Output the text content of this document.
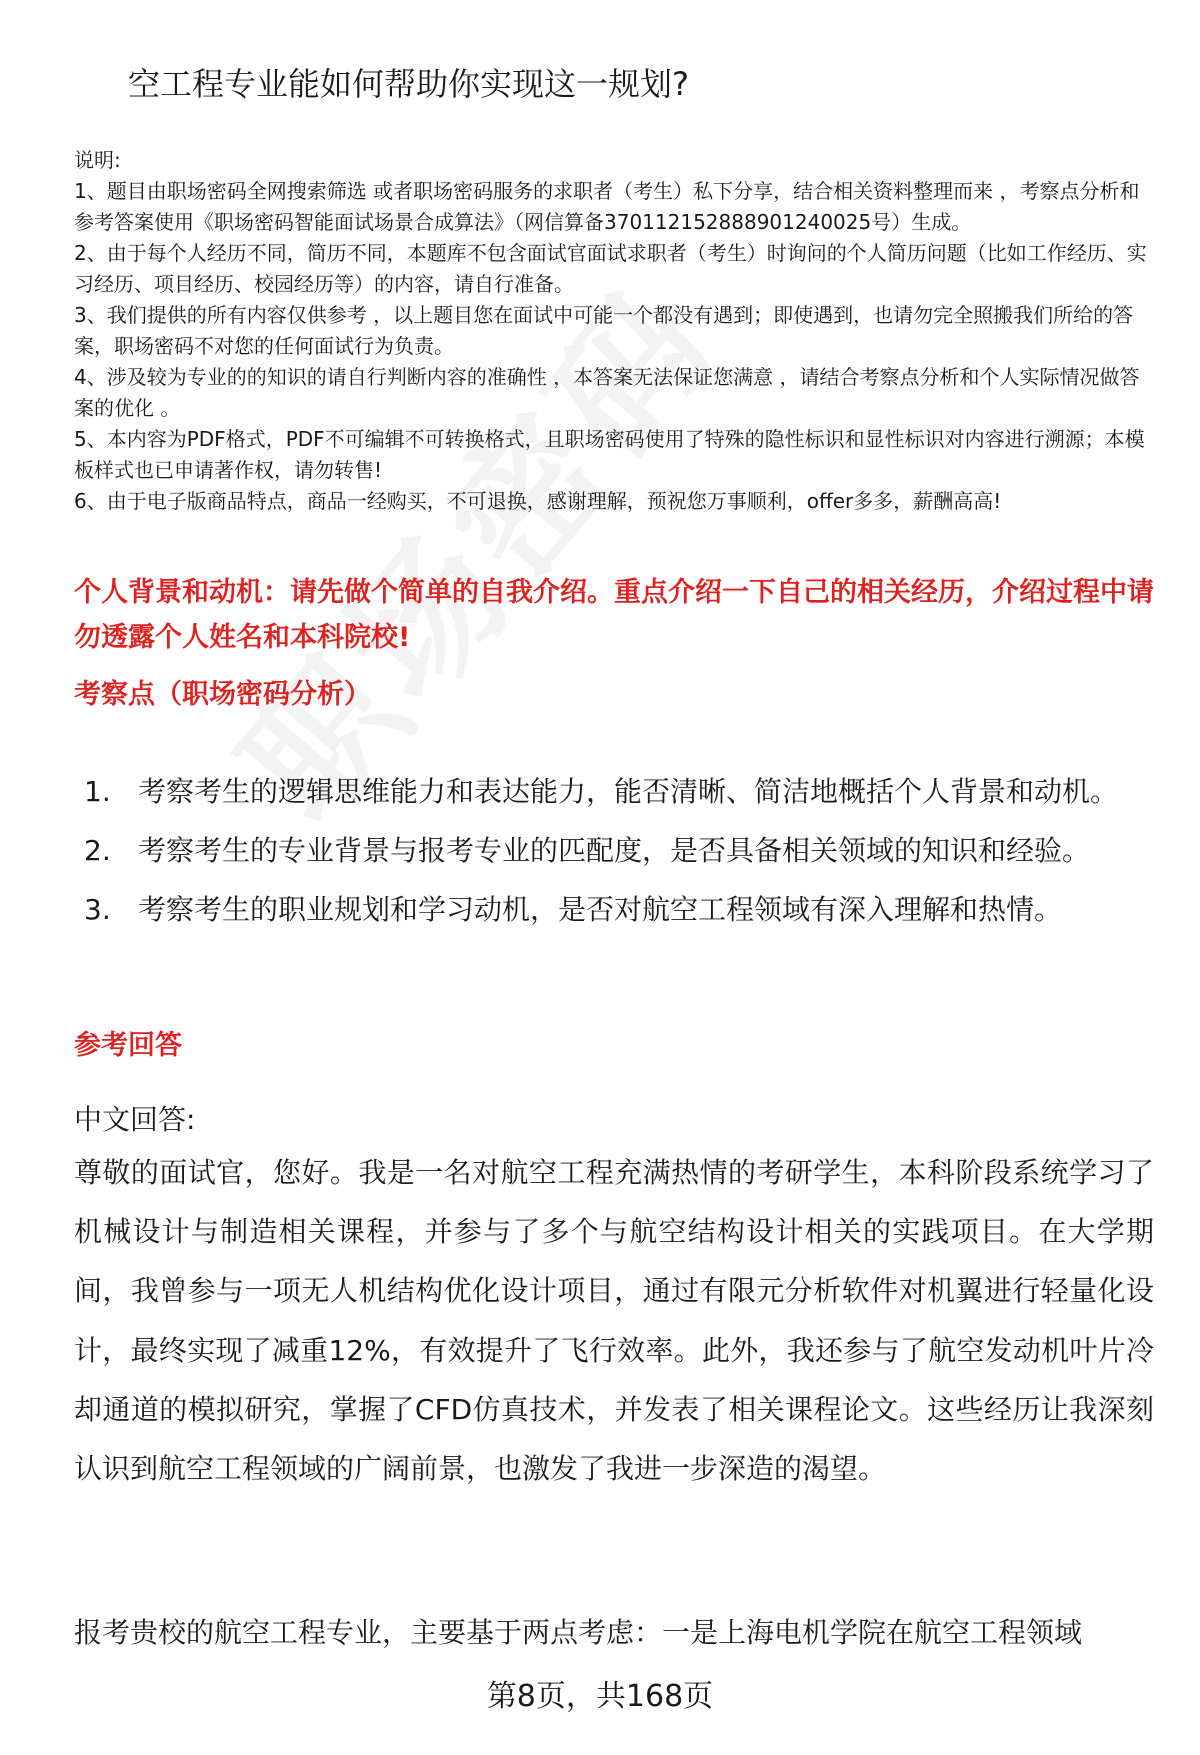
空工程专业能如何帮助你实现这一规划?

说明:

1、题目由职场密码全网搜索筛选 或者职场密码服务的求职者（考生）私下分享，结合相关资料整理而来 ，考察点分析和参考答案使用《职场密码智能面试场景合成算法》（网信算备370112152888901240025号）生成。

2、由于每个人经历不同，简历不同，本题库不包含面试官面试求职者（考生）时询问的个人简历问题（比如工作经历、实习经历、项目经历、校园经历等）的内容，请自行准备。

3、我们提供的所有内容仅供参考 ，以上题目您在面试中可能一个都没有遇到；即使遇到，也请勿完全照搬我们所给的答案，职场密码不对您的任何面试行为负责。

4、涉及较为专业的的知识的请自行判断内容的准确性 ，本答案无法保证您满意 ，请结合考察点分析和个人实际情况做答案的优化 。

5、本内容为PDF格式，PDF不可编辑不可转换格式，且职场密码使用了特殊的隐性标识和显性标识对内容进行溯源；本模板样式也已申请著作权，请勿转售!

6、由于电子版商品特点，商品一经购买，不可退换，感谢理解，预祝您万事顺利，offer多多，薪酬高高!

个人背景和动机：请先做个简单的自我介绍。重点介绍一下自己的相关经历，介绍过程中请勿透露个人姓名和本科院校!
考察点（职场密码分析）
1. 考察考生的逻辑思维能力和表达能力，能否清晰、简洁地概括个人背景和动机。
2. 考察考生的专业背景与报考专业的匹配度，是否具备相关领域的知识和经验。
3. 考察考生的职业规划和学习动机，是否对航空工程领域有深入理解和热情。
参考回答
中文回答:

尊敬的面试官，您好。我是一名对航空工程充满热情的考研学生，本科阶段系统学习了机械设计与制造相关课程，并参与了多个与航空结构设计相关的实践项目。在大学期间，我曾参与一项无人机结构优化设计项目，通过有限元分析软件对机翼进行轻量化设计，最终实现了减重12%，有效提升了飞行效率。此外，我还参与了航空发动机叶片冷却通道的模拟研究，掌握了CFD仿真技术，并发表了相关课程论文。这些经历让我深刻认识到航空工程领域的广阔前景，也激发了我进一步深造的渴望。

报考贵校的航空工程专业，主要基于两点考虑：一是上海电机学院在航空工程领域

第8页，共168页
